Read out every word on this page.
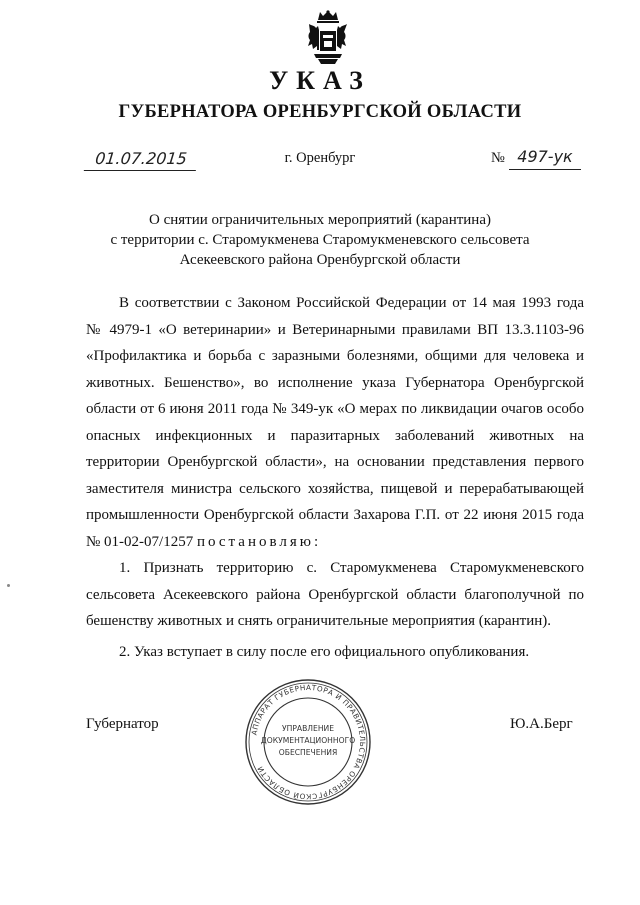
УКАЗ
ГУБЕРНАТОРА ОРЕНБУРГСКОЙ ОБЛАСТИ
01.07.2015	г. Оренбург	№ 497-ук
О снятии ограничительных мероприятий (карантина)
с территории с. Старомукменева Старомукменевского сельсовета
Асекеевского района Оренбургской области

В соответствии с Законом Российской Федерации от 14 мая 1993 года
№ 4979-1 «О ветеринарии» и Ветеринарными правилами ВП 13.3.1103-96
«Профилактика и борьба с заразными болезнями, общими для человека и
животных. Бешенство», во исполнение указа Губернатора Оренбургской
области от 6 июня 2011 года № 349-ук «О мерах по ликвидации очагов особо
опасных инфекционных и паразитарных заболеваний животных на
территории Оренбургской области», на основании представления первого
заместителя министра сельского хозяйства, пищевой и перерабатывающей
промышленности Оренбургской области Захарова Г.П. от 22 июня 2015 года
№ 01-02-07/1257 постановляю:

1. Признать территорию с. Старомукменева Старомукменевского
сельсовета Асекеевского района Оренбургской области благополучной по
бешенству животных и снять ограничительные мероприятия (карантин).

2. Указ вступает в силу после его официального опубликования.

Губернатор
АППАРАТ ГУБЕРНАТОРА И ПРАВИТЕЛЬСТВА ОРЕНБУРГСКОЙ ОБЛАСТИ
УПРАВЛЕНИЕ
ДОКУМЕНТАЦИОННОГО
ОБЕСПЕЧЕНИЯ
Ю.А.Берг
